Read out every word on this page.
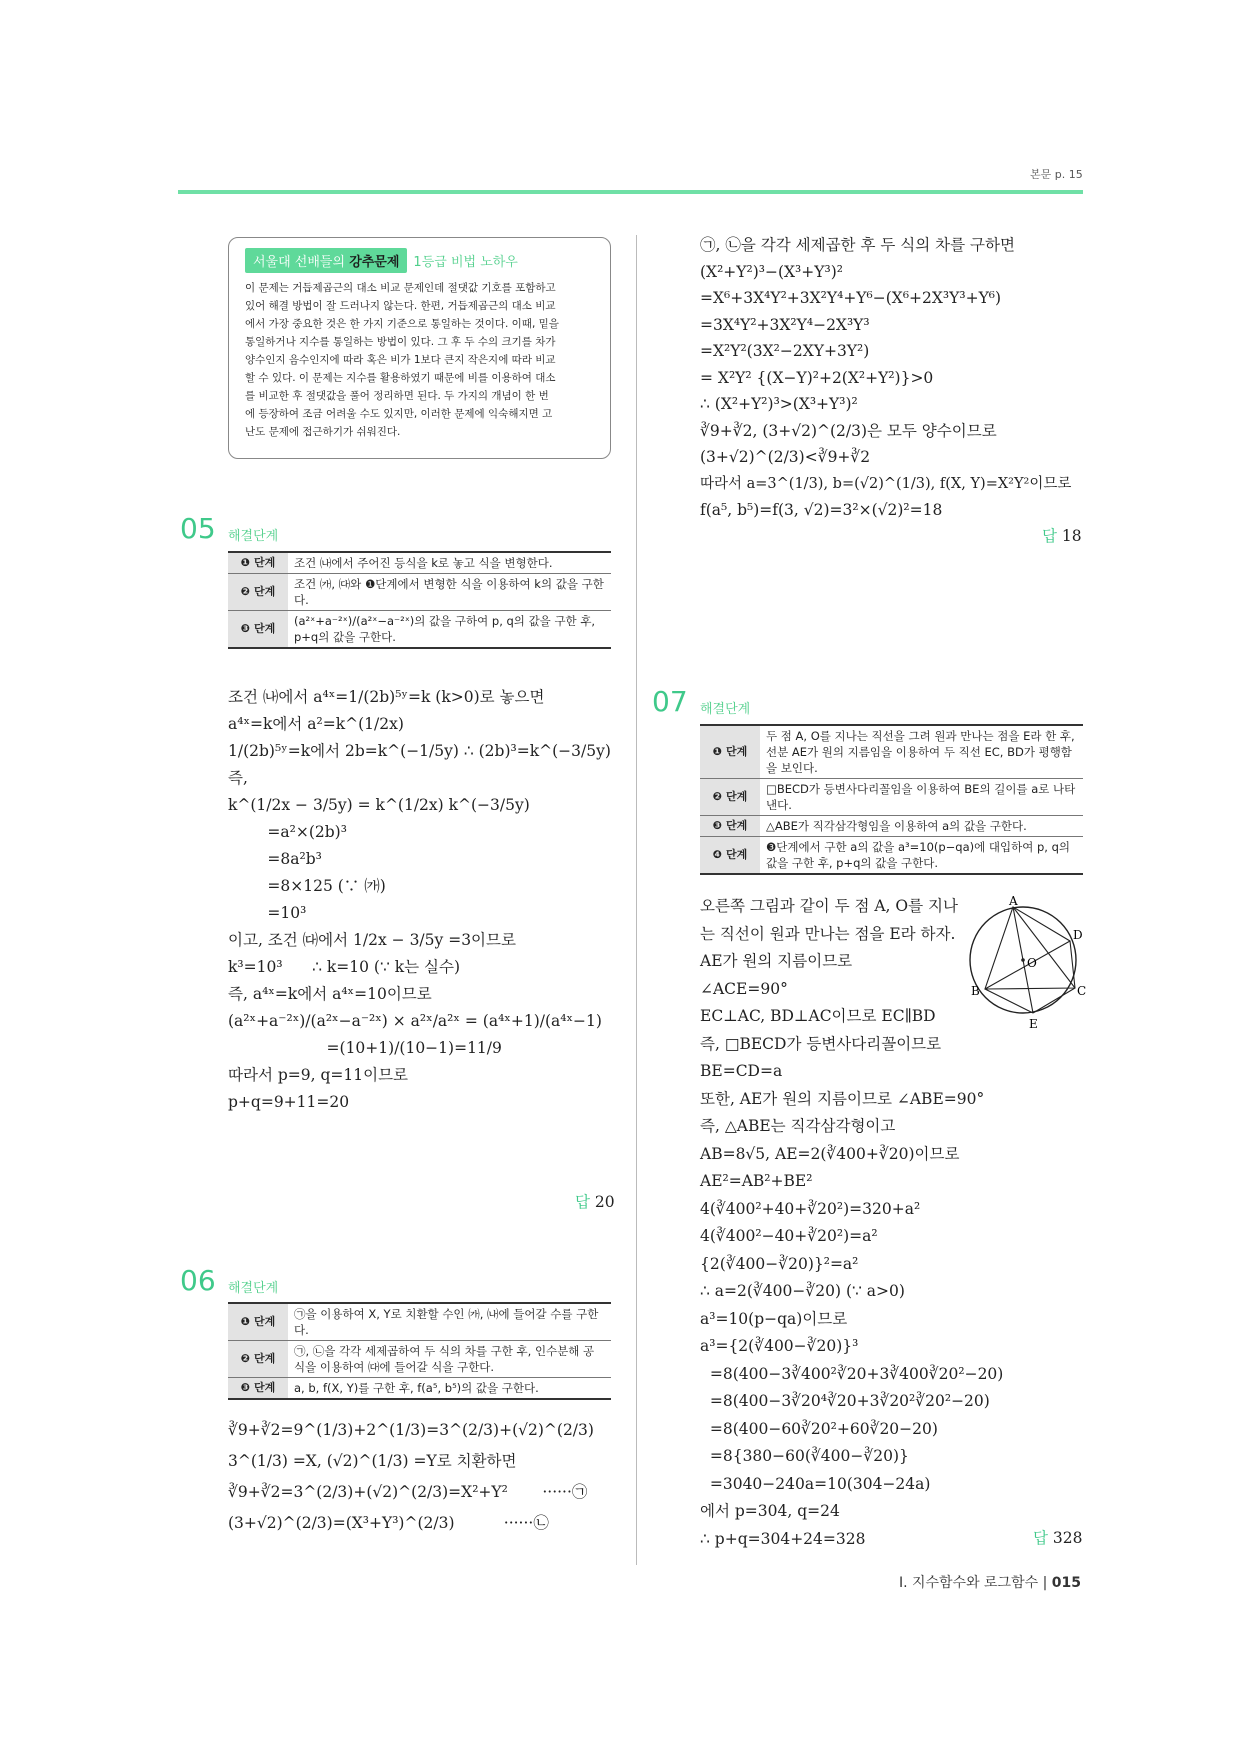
본문 p. 15
서울대 선배들의 강추문제 1등급 비법 노하우
이 문제는 거듭제곱근의 대소 비교 문제인데 절댓값 기호를 포함하고
있어 해결 방법이 잘 드러나지 않는다. 한편, 거듭제곱근의 대소 비교
에서 가장 중요한 것은 한 가지 기준으로 통일하는 것이다. 이때, 밑을
통일하거나 지수를 통일하는 방법이 있다. 그 후 두 수의 크기를 차가
양수인지 음수인지에 따라 혹은 비가 1보다 큰지 작은지에 따라 비교
할 수 있다. 이 문제는 지수를 활용하였기 때문에 비를 이용하여 대소
를 비교한 후 절댓값을 풀어 정리하면 된다. 두 가지의 개념이 한 번
에 등장하여 조금 어려울 수도 있지만, 이러한 문제에 익숙해지면 고
난도 문제에 접근하기가 쉬워진다.
05 해결단계
❶ 단계	조건 ㈏에서 주어진 등식을 k로 놓고 식을 변형한다.
❷ 단계	조건 ㈎, ㈐와 ❶단계에서 변형한 식을 이용하여 k의 값을 구한다.
❸ 단계	(a²ˣ+a⁻²ˣ)/(a²ˣ−a⁻²ˣ)의 값을 구하여 p, q의 값을 구한 후, p+q의 값을 구한다.
조건 ㈏에서 a⁴ˣ=1/(2b)⁵ʸ=k (k>0)로 놓으면
a⁴ˣ=k에서 a²=k^(1/2x)
1/(2b)⁵ʸ=k에서 2b=k^(−1/5y) ∴ (2b)³=k^(−3/5y)
즉,
k^(1/2x − 3/5y) = k^(1/2x) k^(−3/5y)
=a²×(2b)³
=8a²b³
=8×125 (∵ ㈎)
=10³
이고, 조건 ㈐에서 1/2x − 3/5y =3이므로
k³=10³      ∴ k=10 (∵ k는 실수)
즉, a⁴ˣ=k에서 a⁴ˣ=10이므로
(a²ˣ+a⁻²ˣ)/(a²ˣ−a⁻²ˣ) × a²ˣ/a²ˣ = (a⁴ˣ+1)/(a⁴ˣ−1)
=(10+1)/(10−1)=11/9
따라서 p=9, q=11이므로
p+q=9+11=20
답 20
06 해결단계
❶ 단계	㉠을 이용하여 X, Y로 치환할 수인 ㈎, ㈏에 들어갈 수를 구한다.
❷ 단계	㉠, ㉡을 각각 세제곱하여 두 식의 차를 구한 후, 인수분해 공식을 이용하여 ㈐에 들어갈 식을 구한다.
❸ 단계	a, b, f(X, Y)를 구한 후, f(a⁵, b⁵)의 값을 구한다.
∛9+∛2=9^(1/3)+2^(1/3)=3^(2/3)+(√2)^(2/3)
3^(1/3) =X, (√2)^(1/3) =Y로 치환하면
∛9+∛2=3^(2/3)+(√2)^(2/3)=X²+Y²       ······㉠
(3+√2)^(2/3)=(X³+Y³)^(2/3)          ······㉡
㉠, ㉡을 각각 세제곱한 후 두 식의 차를 구하면
(X²+Y²)³−(X³+Y³)²
=X⁶+3X⁴Y²+3X²Y⁴+Y⁶−(X⁶+2X³Y³+Y⁶)
=3X⁴Y²+3X²Y⁴−2X³Y³
=X²Y²(3X²−2XY+3Y²)
= X²Y² {(X−Y)²+2(X²+Y²)}>0
∴ (X²+Y²)³>(X³+Y³)²
∛9+∛2, (3+√2)^(2/3)은 모두 양수이므로
(3+√2)^(2/3)<∛9+∛2
따라서 a=3^(1/3), b=(√2)^(1/3), f(X, Y)=X²Y²이므로
f(a⁵, b⁵)=f(3, √2)=3²×(√2)²=18
답 18
07 해결단계
❶ 단계	두 점 A, O를 지나는 직선을 그려 원과 만나는 점을 E라 한 후, 선분 AE가 원의 지름임을 이용하여 두 직선 EC, BD가 평행함을 보인다.
❷ 단계	□BECD가 등변사다리꼴임을 이용하여 BE의 길이를 a로 나타낸다.
❸ 단계	△ABE가 직각삼각형임을 이용하여 a의 값을 구한다.
❹ 단계	❸단계에서 구한 a의 값을 a³=10(p−qa)에 대입하여 p, q의 값을 구한 후, p+q의 값을 구한다.
오른쪽 그림과 같이 두 점 A, O를 지나
는 직선이 원과 만나는 점을 E라 하자.
AE가 원의 지름이므로
∠ACE=90°
EC⊥AC, BD⊥AC이므로 EC∥BD
즉, □BECD가 등변사다리꼴이므로
BE=CD=a
또한, AE가 원의 지름이므로 ∠ABE=90°
즉, △ABE는 직각삼각형이고
AB=8√5, AE=2(∛400+∛20)이므로
AE²=AB²+BE²
4(∛400²+40+∛20²)=320+a²
4(∛400²−40+∛20²)=a²
{2(∛400−∛20)}²=a²
∴ a=2(∛400−∛20) (∵ a>0)
a³=10(p−qa)이므로
a³={2(∛400−∛20)}³
=8(400−3∛400²∛20+3∛400∛20²−20)
=8(400−3∛20⁴∛20+3∛20²∛20²−20)
=8(400−60∛20²+60∛20−20)
=8{380−60(∛400−∛20)}
=3040−240a=10(304−24a)
에서 p=304, q=24
∴ p+q=304+24=328	답 328
A
D
O
B	C
E
Ⅰ. 지수함수와 로그함수 | 015
